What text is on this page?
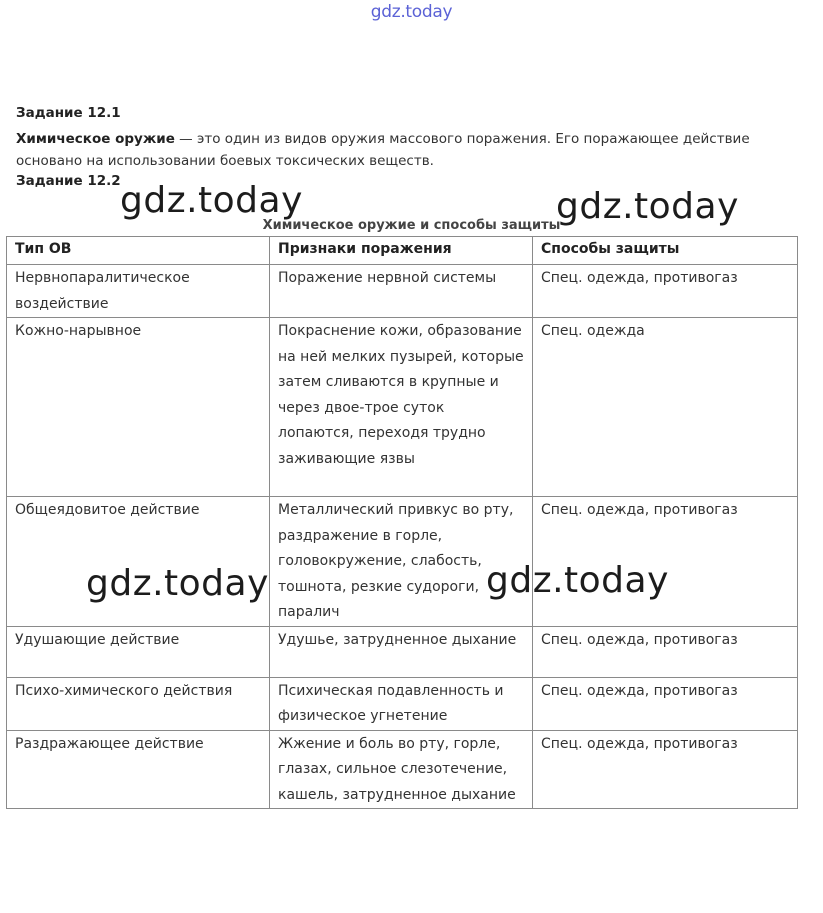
gdz.today
Задание 12.1
Химическое оружие — это один из видов оружия массового поражения. Его поражающее действие основано на использовании боевых токсических веществ.
Задание 12.2
Химическое оружие и способы защиты
Тип ОВ	Признаки поражения	Способы защиты
Нервнопаралитическое воздействие	Поражение нервной системы	Спец. одежда, противогаз
Кожно-нарывное	Покраснение кожи, образование на ней мелких пузырей, которые затем сливаются в крупные и через двое-трое суток лопаются, переходя трудно заживающие язвы	Спец. одежда
Общеядовитое действие	Металлический привкус во рту, раздражение в горле, головокружение, слабость, тошнота, резкие судороги, паралич	Спец. одежда, противогаз
Удушающие действие	Удушье, затрудненное дыхание	Спец. одежда, противогаз
Психо-химического действия	Психическая подавленность и физическое угнетение	Спец. одежда, противогаз
Раздражающее действие	Жжение и боль во рту, горле, глазах, сильное слезотечение, кашель, затрудненное дыхание	Спец. одежда, противогаз
gdz.today	gdz.today
gdz.today	gdz.today
